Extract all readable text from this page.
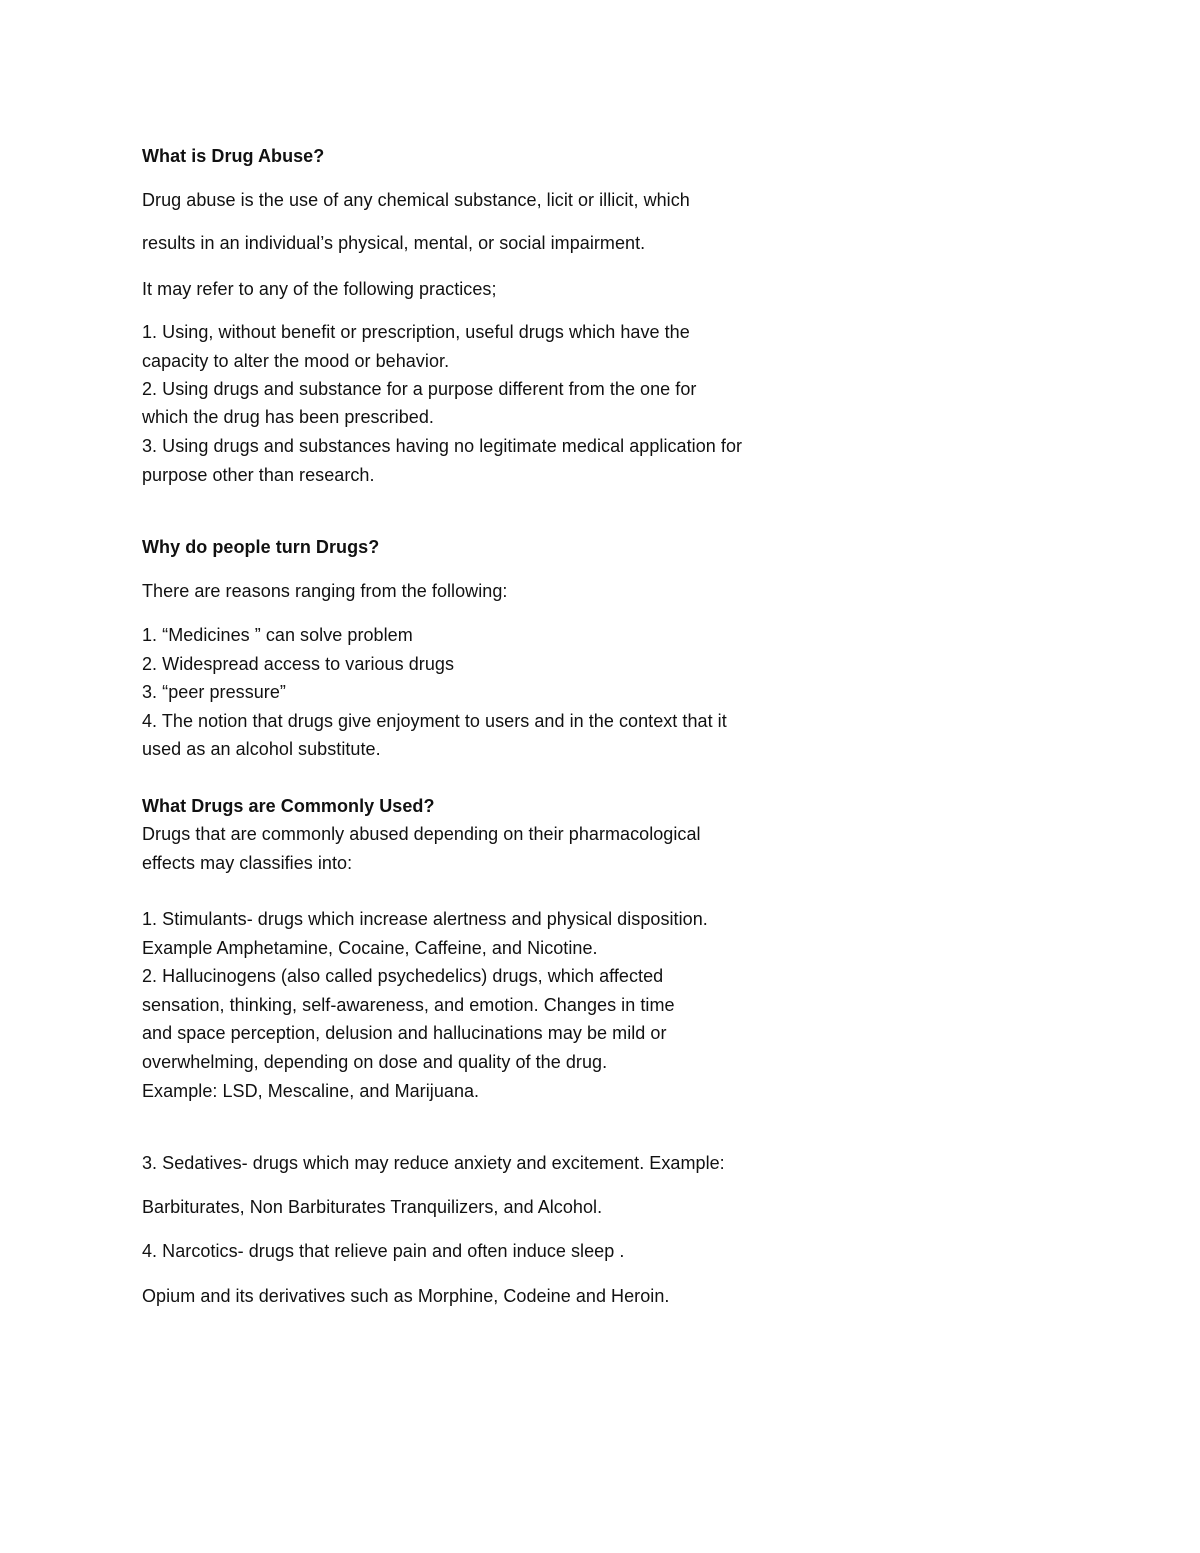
What is Drug Abuse?
Drug abuse is the use of any chemical substance, licit or illicit, which
results in an individual’s physical, mental, or social impairment.
It may refer to any of the following practices;
1. Using, without benefit or prescription, useful drugs which have the
capacity to alter the mood or behavior.
2. Using drugs and substance for a purpose different from the one for
which the drug has been prescribed.
3. Using drugs and substances having no legitimate medical application for
purpose other than research.
Why do people turn Drugs?
There are reasons ranging from the following:
1. “Medicines ” can solve problem
2. Widespread access to various drugs
3. “peer pressure”
4. The notion that drugs give enjoyment to users and in the context that it
used as an alcohol substitute.
What Drugs are Commonly Used?
Drugs that are commonly abused depending on their pharmacological
effects may classifies into:
1. Stimulants- drugs which increase alertness and physical disposition.
Example Amphetamine, Cocaine, Caffeine, and Nicotine.
2. Hallucinogens (also called psychedelics) drugs, which affected
sensation, thinking, self-awareness, and emotion. Changes in time
and space perception, delusion and hallucinations may be mild or
overwhelming, depending on dose and quality of the drug.
Example: LSD, Mescaline, and Marijuana.
3. Sedatives- drugs which may reduce anxiety and excitement. Example:
Barbiturates, Non Barbiturates Tranquilizers, and Alcohol.
4. Narcotics- drugs that relieve pain and often induce sleep .
Opium and its derivatives such as Morphine, Codeine and Heroin.
